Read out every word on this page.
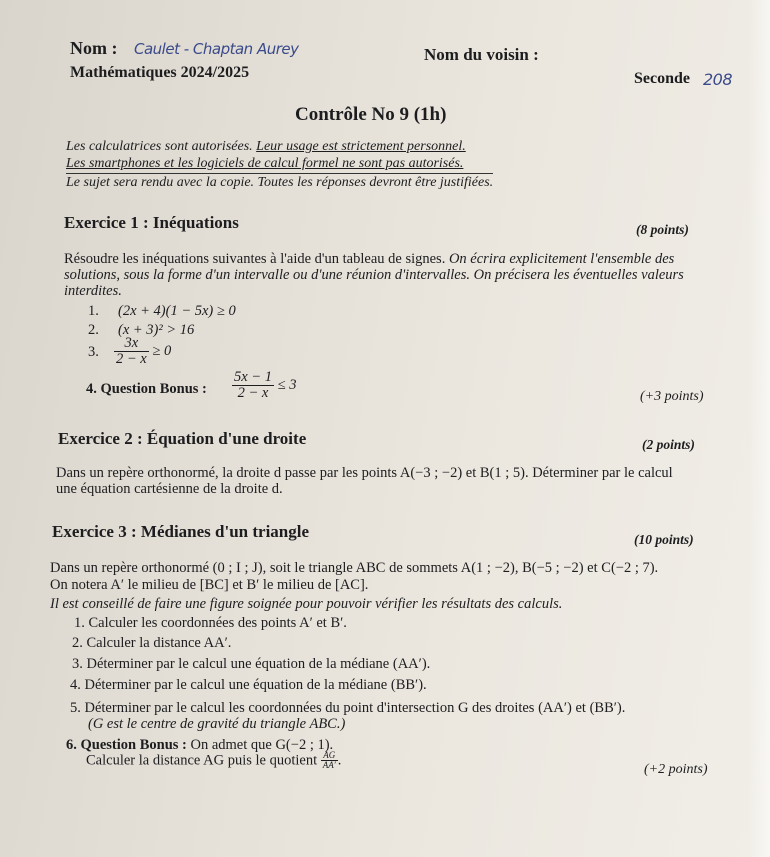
Nom : Caulet - Chaptan Aurey	Nom du voisin :
Mathématiques 2024/2025	Seconde 208
Contrôle No 9 (1h)
Les calculatrices sont autorisées. Leur usage est strictement personnel.
Les smartphones et les logiciels de calcul formel ne sont pas autorisés.
Le sujet sera rendu avec la copie. Toutes les réponses devront être justifiées.
Exercice 1 : Inéquations	(8 points)
Résoudre les inéquations suivantes à l'aide d'un tableau de signes. On écrira explicitement l'ensemble des
solutions, sous la forme d'un intervalle ou d'une réunion d'intervalles. On précisera les éventuelles valeurs
interdites.
1. (2x + 4)(1 − 5x) ≥ 0
2. (x + 3)² > 16
3. $\frac{3x}{2 - x} \ge 0$
4. Question Bonus : $\frac{5x - 1}{2 - x} \le 3$
(+3 points)
Exercice 2 : Équation d'une droite	(2 points)
Dans un repère orthonormé, la droite d passe par les points A(−3 ; −2) et B(1 ; 5). Déterminer par le calcul
une équation cartésienne de la droite d.
Exercice 3 : Médianes d'un triangle	(10 points)
Dans un repère orthonormé (0 ; I ; J), soit le triangle ABC de sommets A(1 ; −2), B(−5 ; −2) et C(−2 ; 7).
On notera A′ le milieu de [BC] et B′ le milieu de [AC].
Il est conseillé de faire une figure soignée pour pouvoir vérifier les résultats des calculs.
1. Calculer les coordonnées des points A′ et B′.
2. Calculer la distance AA′.
3. Déterminer par le calcul une équation de la médiane (AA′).
4. Déterminer par le calcul une équation de la médiane (BB′).
5. Déterminer par le calcul les coordonnées du point d'intersection G des droites (AA′) et (BB′).
(G est le centre de gravité du triangle ABC.)
6. Question Bonus : On admet que G(−2 ; 1).
Calculer la distance AG puis le quotient $\frac{AG}{AA'}$ .
(+2 points)
